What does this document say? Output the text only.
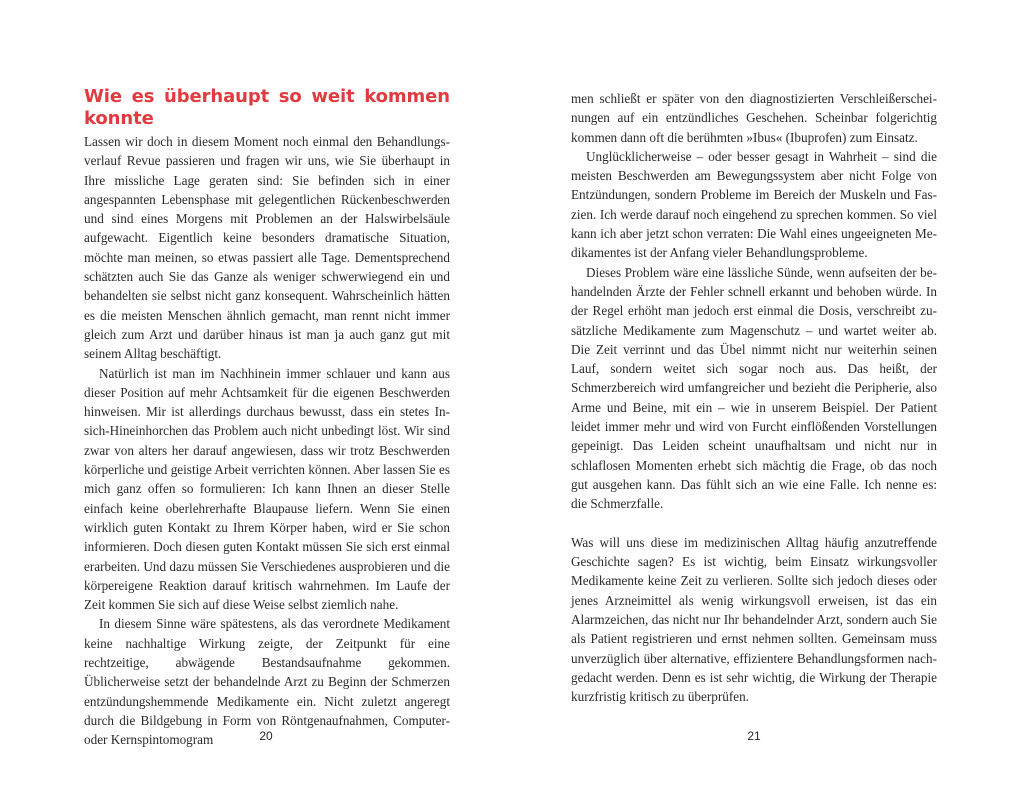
Wie es überhaupt so weit kommen konnte

Lassen wir doch in diesem Moment noch einmal den Behandlungsverlauf Revue passieren und fragen wir uns, wie Sie überhaupt in Ihre missliche Lage geraten sind: Sie befinden sich in einer angespannten Lebensphase mit gelegentlichen Rückenbeschwerden und sind eines Morgens mit Problemen an der Halswirbelsäule aufgewacht. Eigentlich keine besonders dramatische Situation, möchte man meinen, so etwas passiert alle Tage. Dementsprechend schätzten auch Sie das Ganze als weniger schwerwiegend ein und behandelten sie selbst nicht ganz konsequent. Wahrscheinlich hätten es die meisten Menschen ähnlich gemacht, man rennt nicht immer gleich zum Arzt und darüber hinaus ist man ja auch ganz gut mit seinem Alltag beschäftigt.

Natürlich ist man im Nachhinein immer schlauer und kann aus dieser Position auf mehr Achtsamkeit für die eigenen Beschwerden hinweisen. Mir ist allerdings durchaus bewusst, dass ein stetes Insich-Hineinhorchen das Problem auch nicht unbedingt löst. Wir sind zwar von alters her darauf angewiesen, dass wir trotz Beschwerden körperliche und geistige Arbeit verrichten können. Aber lassen Sie es mich ganz offen so formulieren: Ich kann Ihnen an dieser Stelle einfach keine oberlehrerhafte Blaupause liefern. Wenn Sie einen wirklich guten Kontakt zu Ihrem Körper haben, wird er Sie schon informieren. Doch diesen guten Kontakt müssen Sie sich erst einmal erarbeiten. Und dazu müssen Sie Verschiedenes ausprobieren und die körpereigene Reaktion darauf kritisch wahrnehmen. Im Laufe der Zeit kommen Sie sich auf diese Weise selbst ziemlich nahe.

In diesem Sinne wäre spätestens, als das verordnete Medikament keine nachhaltige Wirkung zeigte, der Zeitpunkt für eine rechtzeitige, abwägende Bestandsaufnahme gekommen. Üblicherweise setzt der behandelnde Arzt zu Beginn der Schmerzen entzündungshemmende Medikamente ein. Nicht zuletzt angeregt durch die Bildgebung in Form von Röntgenaufnahmen, Computer- oder Kernspintomogram	20

men schließt er später von den diagnostizierten Verschleißerscheinungen auf ein entzündliches Geschehen. Scheinbar folgerichtig kommen dann oft die berühmten »Ibus« (Ibuprofen) zum Einsatz.

Unglücklicherweise – oder besser gesagt in Wahrheit – sind die meisten Beschwerden am Bewegungssystem aber nicht Folge von Entzündungen, sondern Probleme im Bereich der Muskeln und Faszien. Ich werde darauf noch eingehend zu sprechen kommen. So viel kann ich aber jetzt schon verraten: Die Wahl eines ungeeigneten Medikamentes ist der Anfang vieler Behandlungsprobleme.

Dieses Problem wäre eine lässliche Sünde, wenn aufseiten der behandelnden Ärzte der Fehler schnell erkannt und behoben würde. In der Regel erhöht man jedoch erst einmal die Dosis, verschreibt zusätzliche Medikamente zum Magenschutz – und wartet weiter ab. Die Zeit verrinnt und das Übel nimmt nicht nur weiterhin seinen Lauf, sondern weitet sich sogar noch aus. Das heißt, der Schmerzbereich wird umfangreicher und bezieht die Peripherie, also Arme und Beine, mit ein – wie in unserem Beispiel. Der Patient leidet immer mehr und wird von Furcht einflößenden Vorstellungen gepeinigt. Das Leiden scheint unaufhaltsam und nicht nur in schlaflosen Momenten erhebt sich mächtig die Frage, ob das noch gut ausgehen kann. Das fühlt sich an wie eine Falle. Ich nenne es: die Schmerzfalle.

Was will uns diese im medizinischen Alltag häufig anzutreffende Geschichte sagen? Es ist wichtig, beim Einsatz wirkungsvoller Medikamente keine Zeit zu verlieren. Sollte sich jedoch dieses oder jenes Arzneimittel als wenig wirkungsvoll erweisen, ist das ein Alarmzeichen, das nicht nur Ihr behandelnder Arzt, sondern auch Sie als Patient registrieren und ernst nehmen sollten. Gemeinsam muss unverzüglich über alternative, effizientere Behandlungsformen nachgedacht werden. Denn es ist sehr wichtig, die Wirkung der Therapie kurzfristig kritisch zu überprüfen.

21
